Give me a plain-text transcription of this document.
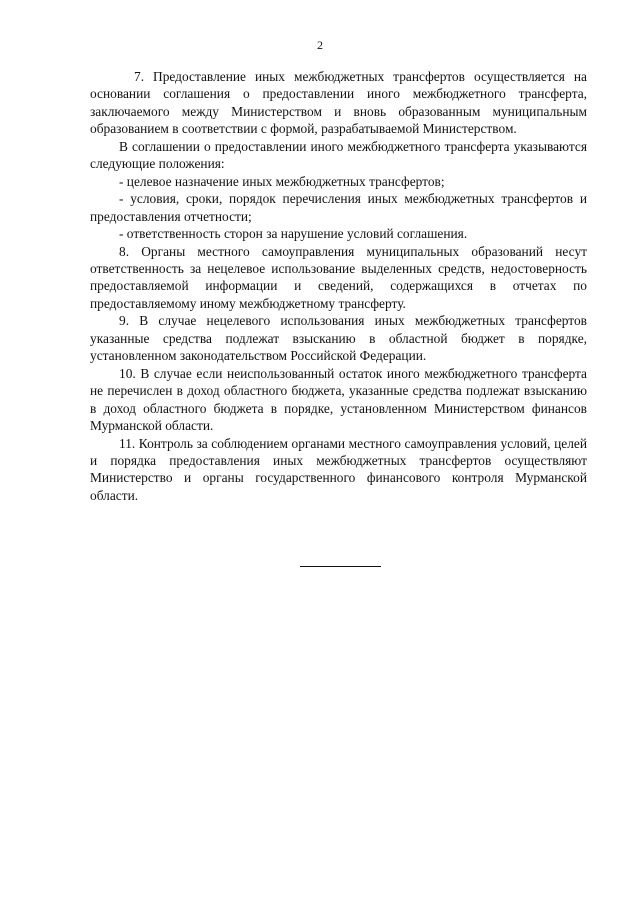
2

7. Предоставление иных межбюджетных трансфертов осуществляется на основании соглашения о предоставлении иного межбюджетного трансферта, заключаемого между Министерством и вновь образованным муниципальным образованием в соответствии с формой, разрабатываемой Министерством.

В соглашении о предоставлении иного межбюджетного трансферта указываются следующие положения:

- целевое назначение иных межбюджетных трансфертов;

- условия, сроки, порядок перечисления иных межбюджетных трансфертов и предоставления отчетности;

- ответственность сторон за нарушение условий соглашения.

8. Органы местного самоуправления муниципальных образований несут ответственность за нецелевое использование выделенных средств, недостоверность предоставляемой информации и сведений, содержащихся в отчетах по предоставляемому иному межбюджетному трансферту.

9. В случае нецелевого использования иных межбюджетных трансфертов указанные средства подлежат взысканию в областной бюджет в порядке, установленном законодательством Российской Федерации.

10. В случае если неиспользованный остаток иного межбюджетного трансферта не перечислен в доход областного бюджета, указанные средства подлежат взысканию в доход областного бюджета в порядке, установленном Министерством финансов Мурманской области.

11. Контроль за соблюдением органами местного самоуправления условий, целей и порядка предоставления иных межбюджетных трансфертов осуществляют Министерство и органы государственного финансового контроля Мурманской области.
